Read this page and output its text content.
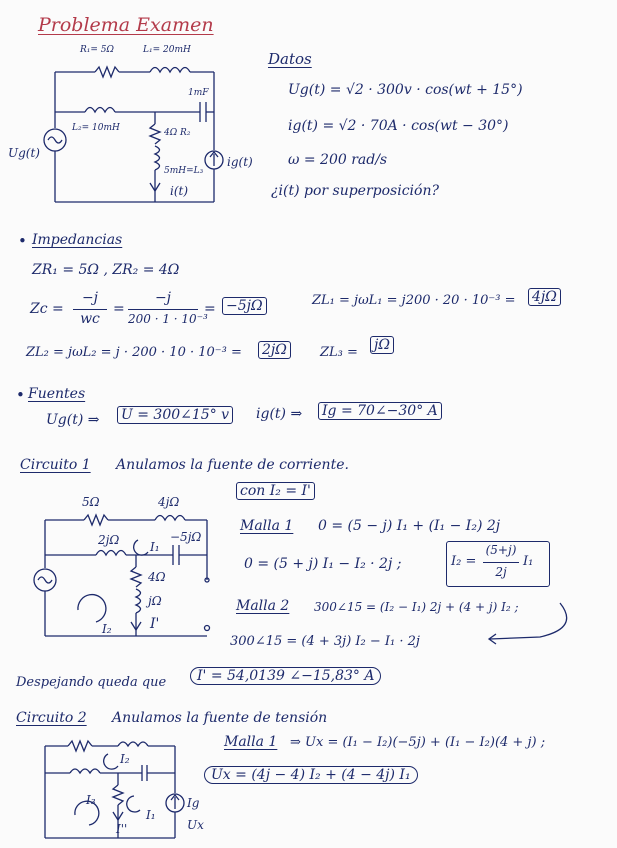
Problema Examen
R₁= 5Ω	L₁= 20mH
1mF
L₂= 10mH	4Ω R₂
5mH=L₃
Ug(t)
ig(t)
i(t)
Datos
Ug(t) = √2 · 300v · cos(wt + 15°)
ig(t) = √2 · 70A · cos(wt − 30°)
ω = 200 rad/s
¿i(t) por superposición?
• Impedancias
ZR₁ = 5Ω , ZR₂ = 4Ω
Zc =
−j
wc
=
−j
200 · 1 · 10⁻³
= −5jΩ	ZL₁ = jωL₁ = j200 · 20 · 10⁻³ = 4jΩ
ZL₂ = jωL₂ = j · 200 · 10 · 10⁻³ = 2jΩ	ZL₃ = jΩ
• Fuentes
Ug(t) ⇒ U = 300∠15° v ig(t) ⇒ Ig = 70∠−30° A
Circuito 1 Anulamos la fuente de corriente.
5Ω	4jΩ
2jΩ	−5jΩ
I₁
4Ω
jΩ
I₂	I'
con I₂ = I'
Malla 1 0 = (5 − j) I₁ + (I₁ − I₂) 2j
0 = (5 + j) I₁ − I₂ · 2j ;	I₂ =
(5+j)
2j
I₁
Malla 2 300∠15 = (I₂ − I₁) 2j + (4 + j) I₂ ;
300∠15 = (4 + 3j) I₂ − I₁ · 2j
Despejando queda que	I' = 54,0139 ∠−15,83° A
Circuito 2 Anulamos la fuente de tensión
I₂
I₃
I₁
Ig
Ux
I''
Malla 1 ⇒ Ux = (I₁ − I₂)(−5j) + (I₁ − I₂)(4 + j) ;
Ux = (4j − 4) I₂ + (4 − 4j) I₁
